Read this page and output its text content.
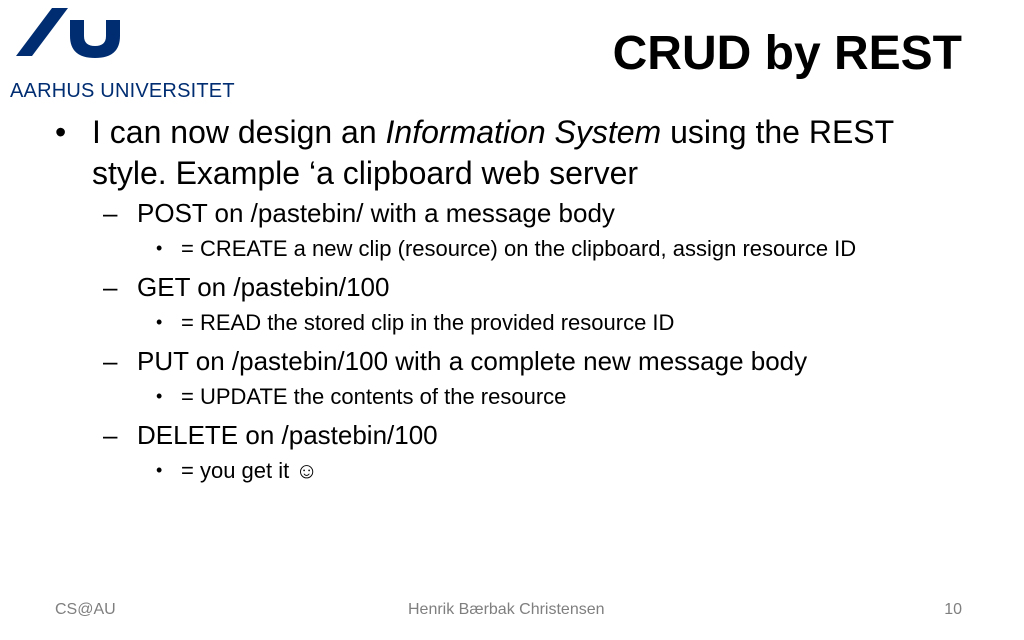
AARHUS UNIVERSITET
CRUD by REST
• I can now design an Information System using the REST style. Example ‘a clipboard web server
– POST on /pastebin/ with a message body
• = CREATE a new clip (resource) on the clipboard, assign resource ID
– GET on /pastebin/100
• = READ the stored clip in the provided resource ID
– PUT on /pastebin/100 with a complete new message body
• = UPDATE the contents of the resource
– DELETE on /pastebin/100
• = you get it ☺
CS@AU	Henrik Bærbak Christensen	10
